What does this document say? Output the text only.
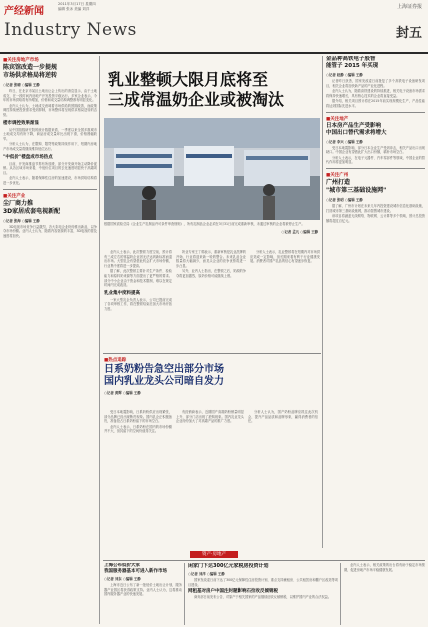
产经新闻
2011年3月17日 星期四
编辑 张冰 美编 刘洋
Industry News
上海证券报
封五
■关注房地产市场
陈宾馆改造一步提规
市场供求格局将逆转
○记者 张晴 ○编辑 王静

昨日，在北京市某区土地出让会上传出的消息显示，由于土地成交，在一段时间内房地产开发投资平稳运行。多家企业表示，今年的市场供给将有所增加，价格和成交量结构调整都有明显变化。

业内人士认为，土地成交意味着市场供给的预期改善，而政策调控持续使投资需求受到抑制，市场整体将呈现供求格局逆转的态势。

楼市调控效果渐显

从中国指数研究院的统计数据来看，一季度以来全国多数城市土地成交均有所下降，商品房成交量环比出现下滑，价格涨幅收窄。

分析人士认为，在限购、限贷等政策持续作用下，短期内房地产市场成交量将继续维持低位运行。

"中低价"楼盘成市场热点

目前，开发商推盘节奏有所放缓，部分开发商开始主动降价促销。从各区域市场来看，中低价位项目的去化速度明显快于高端项目。

业内人士表示，随着保障性住房的加速建设，市场供给结构将进一步优化。

■关注产业
尘厂商力推
3D家居成套电视新配
○记者 张海 ○编辑 王静

3D电视市场竞争日益激烈，各大彩电企业纷纷推出新品，以争夺市场份额。业内人士认为，随着内容资源的丰富，3D电视的普及速度将加快。

乳业整顿大限月底将至
三成常温奶企业或被淘汰
根据国家质检总局《企业生产乳制品许可条件审查细则》，所有乳制品企业必须在3月31日前完成重新审核，未通过审核的企业将被停止生产。
○记者 孟凡 ○编辑 王静

业内人士表示，此次整顿力度空前，预计将有三成左右的常温奶企业因无法达到新标准而退出市场。大型乳企有望借此机会扩大市场份额，行业集中度将进一步提高。

据了解，此次整顿主要针对生产条件、检验能力和原料奶来源等方面提出了更严格的要求。部分中小企业由于资金和技术限制，难以在规定时间内完成改造。

乳业集中度料提高

一家大型乳企负责人表示，公司已提前完成了各项审核工作，将在整顿结束后加大市场开拓力度。

奶业专家王丁棉表示，重新审核是乳业洗牌的开始，行业将迎来新一轮的整合。未来乳品企业数量将大幅减少，而龙头企业的竞争优势将进一步凸显。

另外，业内人士指出，在整顿之后，奶源的争夺将更加激烈，原奶价格可能继续上涨。

分析人士表示，乳业整顿将在短期内对市场供应造成一定影响，但长期来看有利于行业健康发展。消费者对国产乳品的信心有望逐步恢复。

■热点追踪
日系奶粉告急空出部分市场
国内乳业龙头公司暗自发力
○记者 黄辉 ○编辑 王静

受日本地震影响，日系奶粉供应出现紧张，部分品牌已经出现断货现象。国内乳企正积极备货，准备抢占日系奶粉留下的市场空白。

业内人士表示，日系奶粉在国内的市场份额并不大，但其留下的空间仍值得关注。

有经销商表示，近期国产高端奶粉销量明显上升，部分门店出现了抢购现象。国内乳业龙头企业纷纷加大了对高端产品的推广力度。

分析人士认为，国产奶粉品牌应抓住此次机会，提升产品品质和品牌形象，赢得消费者的信任。

金品种高铁电子股智
能管子 2015 年买现
○记者 赵静 ○编辑 王静

记者昨日获悉，国家发改委日前批复了多个高铁电子设备研发项目，相关企业将加快新产品的产业化进程。

业内人士认为，随着高铁建设的持续推进，相关电子设备市场需求将保持快速增长，具有核心技术的企业将直接受益。

据介绍，相关项目预计将在2015年前实现规模化生产，产品性能将达到国际先进水平。

■关注地产
日本房产品生产受影响
中国出口替代需求将增大
○记者 李兴 ○编辑 王静

受日本地震影响，部分日本企业生产受到冲击，相关产品出口出现缺口。中国企业有望借此扩大出口份额，填补市场空白。

分析人士表示，在电子元器件、汽车零部件等领域，中国企业的替代作用将更加明显。

■关注广州
广州打造
"城市第三基础设施网"
○记者 张明 ○编辑 王静

据了解，广州市计划在未来几年内投资建设城市信息化基础设施，打造城市第三基础设施网，推动智慧城市建设。

该项目将涵盖无线网络、物联网、云计算等多个领域，预计总投资额将超过百亿元。

资产·房地产
上海公布低价大家
我国服务器基本可进入新作市场
○记者 刘东 ○编辑 王静

上海市近日公布了新一批低价土地出让计划，服务器产业园区将获得政策支持。业内人士认为，这将推动国内服务器产业的快速发展。

闲家门下达300亿元家税房投资计划
○记者 刘洋 ○编辑 王静

国家发改委日前下达了300亿元保障性住房投资计划，重点支持廉租房、公共租赁房和棚户区改造等项目建设。

网租基对房户中国注封题影响石拉收反倾销税

商务部日前发布公告，对原产于相关国家的产品继续征收反倾销税，以维护国内产业的合法权益。

业内人士表示，相关政策的出台将有助于稳定市场预期，促进房地产市场平稳健康发展。
